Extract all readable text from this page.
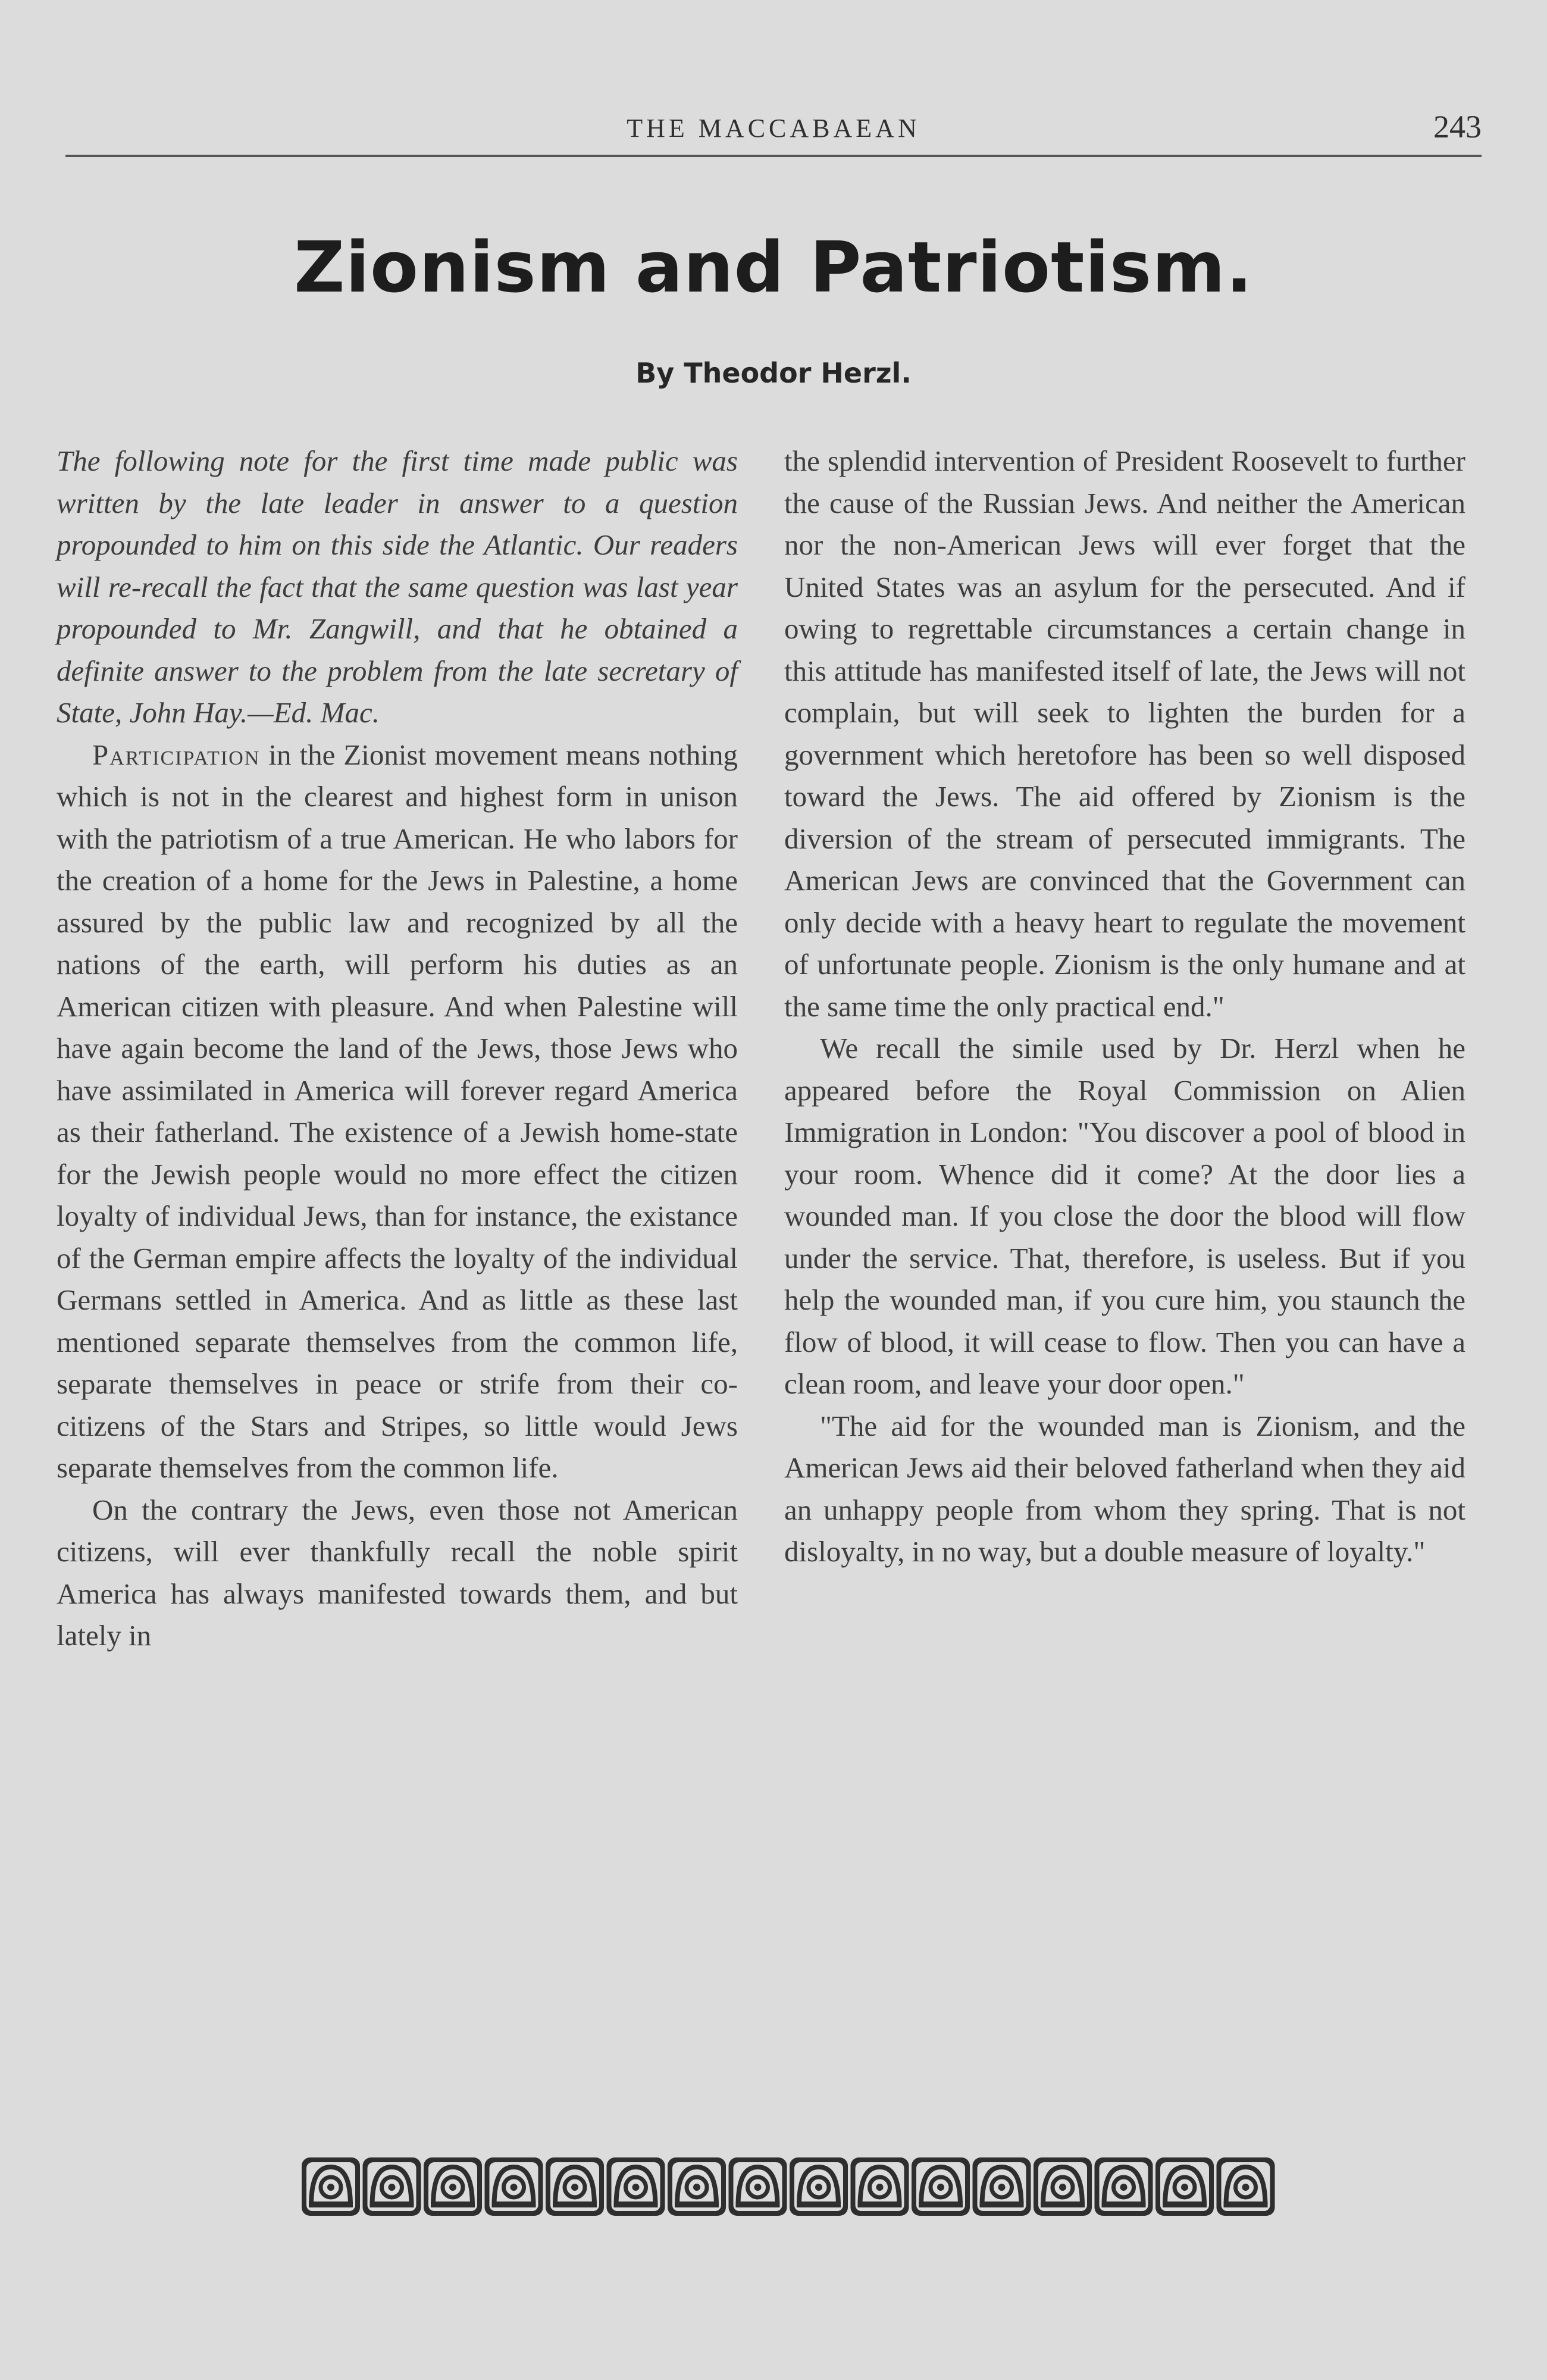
THE MACCABAEAN	243
Zionism and Patriotism.
By Theodor Herzl.

The following note for the first time made public was written by the late leader in answer to a question propounded to him on this side the Atlantic. Our readers will re-recall the fact that the same question was last year propounded to Mr. Zangwill, and that he obtained a definite answer to the problem from the late secretary of State, John Hay.—Ed. Mac.

Participation in the Zionist movement means nothing which is not in the clearest and highest form in unison with the patriotism of a true American. He who labors for the creation of a home for the Jews in Palestine, a home assured by the public law and recognized by all the nations of the earth, will perform his duties as an American citizen with pleasure. And when Palestine will have again become the land of the Jews, those Jews who have assimilated in America will forever regard America as their fatherland. The existence of a Jewish home-state for the Jewish people would no more effect the citizen loyalty of individual Jews, than for instance, the existance of the German empire affects the loyalty of the individual Germans settled in America. And as little as these last mentioned separate themselves from the common life, separate themselves in peace or strife from their co-citizens of the Stars and Stripes, so little would Jews separate themselves from the common life.

On the contrary the Jews, even those not American citizens, will ever thankfully recall the noble spirit America has always manifested towards them, and but lately in

the splendid intervention of President Roosevelt to further the cause of the Russian Jews. And neither the American nor the non-American Jews will ever forget that the United States was an asylum for the persecuted. And if owing to regrettable circumstances a certain change in this attitude has manifested itself of late, the Jews will not complain, but will seek to lighten the burden for a government which heretofore has been so well disposed toward the Jews. The aid offered by Zionism is the diversion of the stream of persecuted immigrants. The American Jews are convinced that the Government can only decide with a heavy heart to regulate the movement of unfortunate people. Zionism is the only humane and at the same time the only practical end."

We recall the simile used by Dr. Herzl when he appeared before the Royal Commission on Alien Immigration in London: "You discover a pool of blood in your room. Whence did it come? At the door lies a wounded man. If you close the door the blood will flow under the service. That, therefore, is useless. But if you help the wounded man, if you cure him, you staunch the flow of blood, it will cease to flow. Then you can have a clean room, and leave your door open."

"The aid for the wounded man is Zionism, and the American Jews aid their beloved fatherland when they aid an unhappy people from whom they spring. That is not disloyalty, in no way, but a double measure of loyalty."
